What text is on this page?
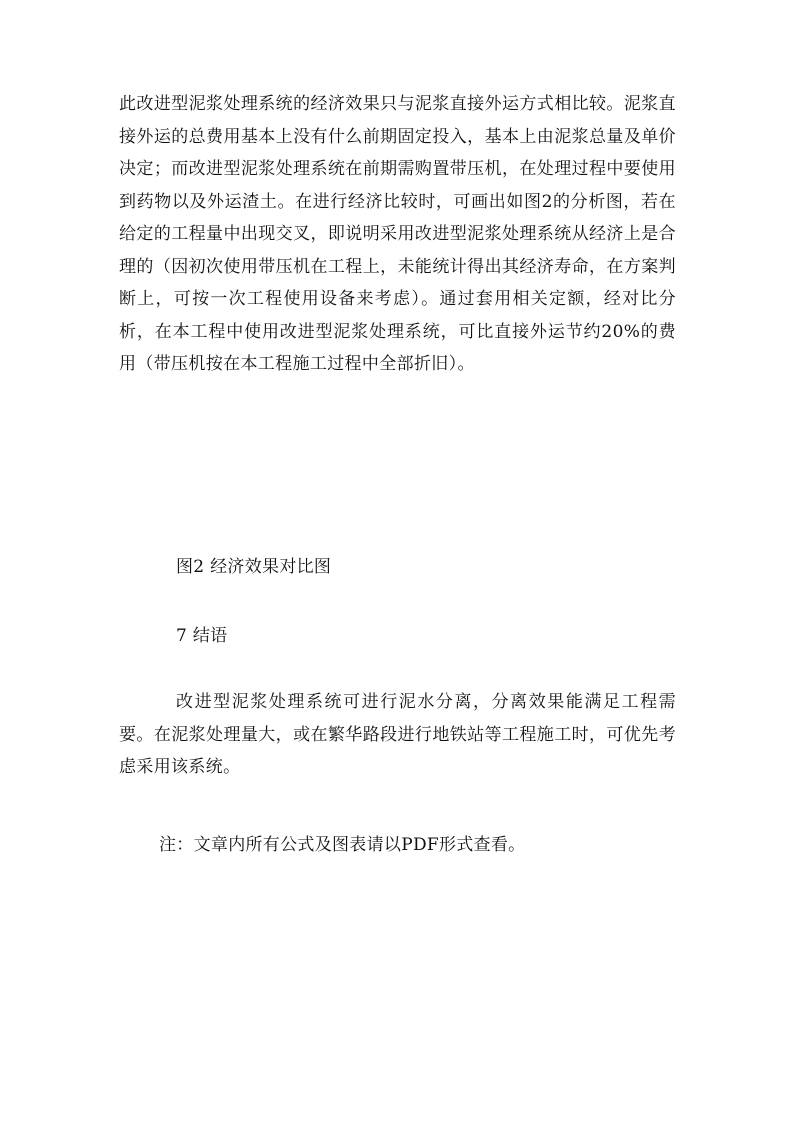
此改进型泥浆处理系统的经济效果只与泥浆直接外运方式相比较。泥浆直接外运的总费用基本上没有什么前期固定投入，基本上由泥浆总量及单价决定；而改进型泥浆处理系统在前期需购置带压机，在处理过程中要使用到药物以及外运渣土。在进行经济比较时，可画出如图2的分析图，若在给定的工程量中出现交叉，即说明采用改进型泥浆处理系统从经济上是合理的（因初次使用带压机在工程上，未能统计得出其经济寿命，在方案判断上，可按一次工程使用设备来考虑）。通过套用相关定额，经对比分析，在本工程中使用改进型泥浆处理系统，可比直接外运节约20%的费用（带压机按在本工程施工过程中全部折旧）。

图2 经济效果对比图

7 结语

改进型泥浆处理系统可进行泥水分离，分离效果能满足工程需要。在泥浆处理量大，或在繁华路段进行地铁站等工程施工时，可优先考虑采用该系统。

注：文章内所有公式及图表请以PDF形式查看。
